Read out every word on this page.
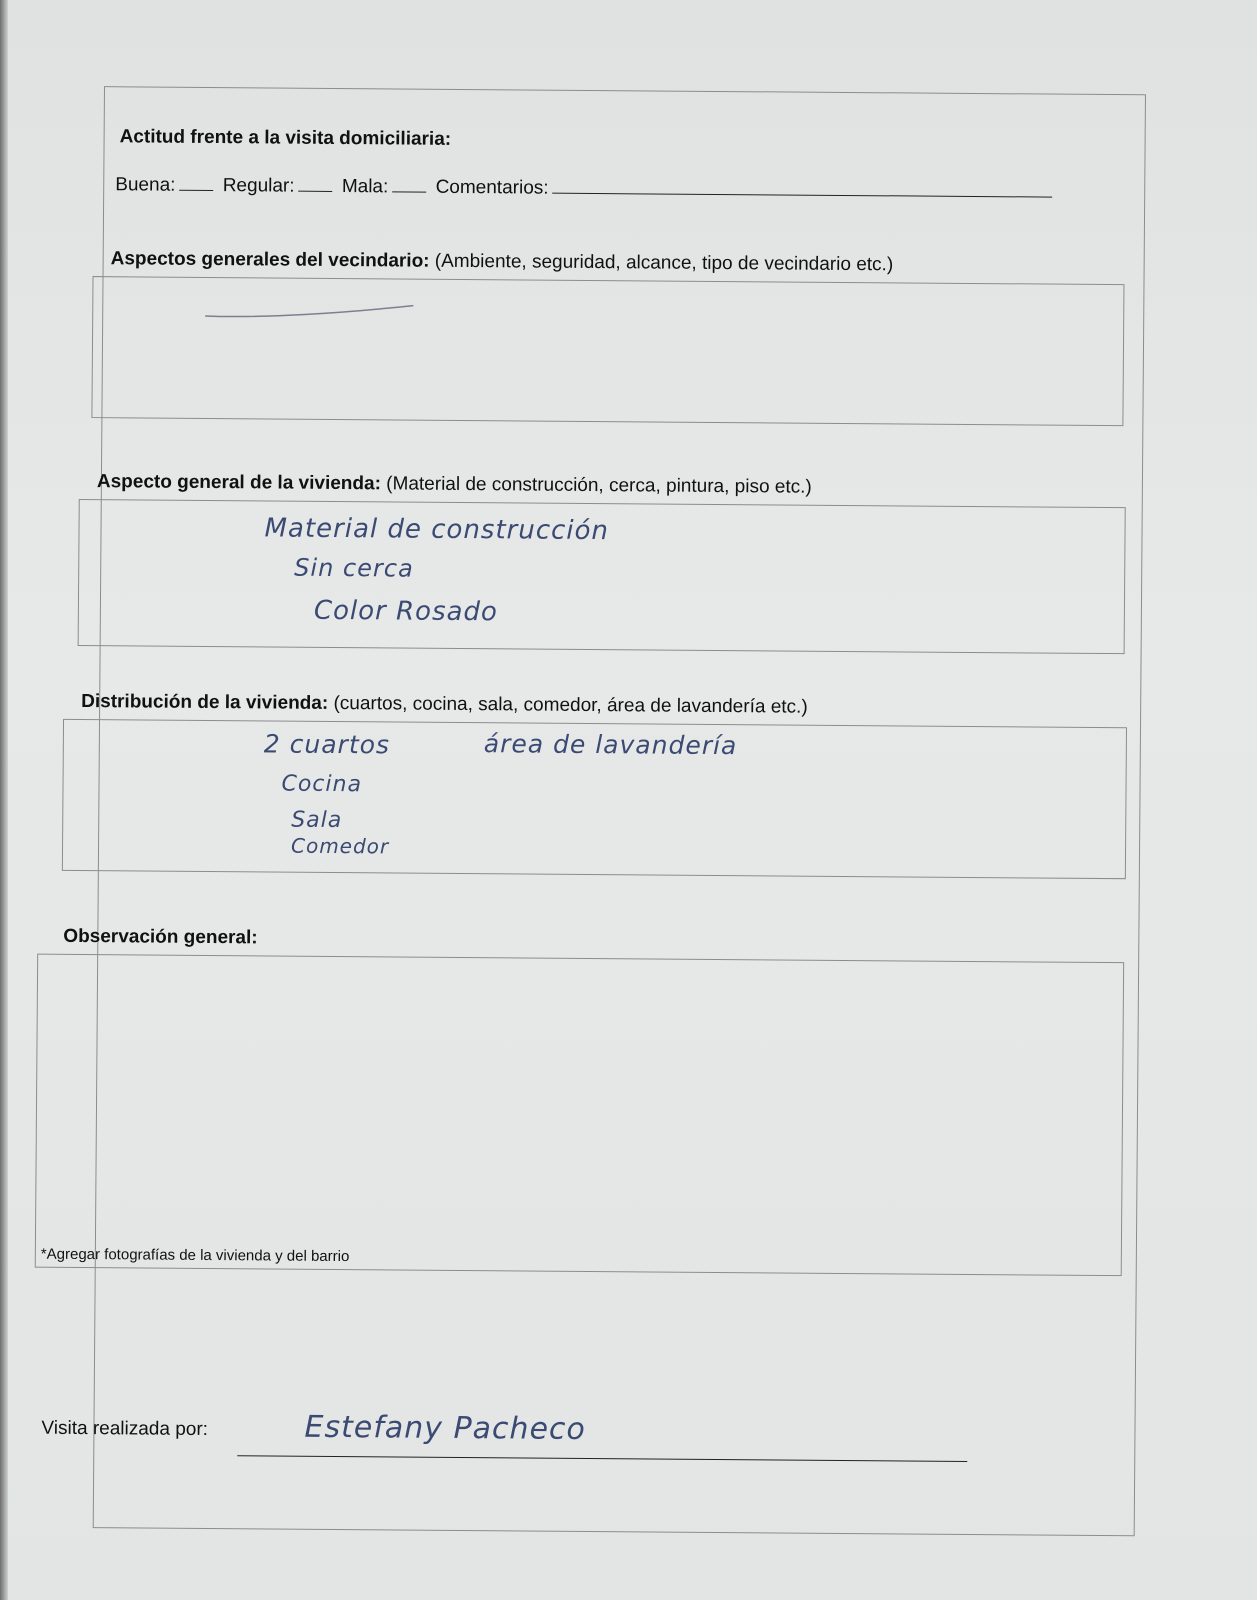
Actitud frente a la visita domiciliaria:
Buena: Regular: Mala: Comentarios:
Aspectos generales del vecindario: (Ambiente, seguridad, alcance, tipo de vecindario etc.)
Aspecto general de la vivienda: (Material de construcción, cerca, pintura, piso etc.)
Material de construcción
Sin cerca
Color Rosado
Distribución de la vivienda: (cuartos, cocina, sala, comedor, área de lavandería etc.)
2 cuartos	área de lavandería
Cocina
Sala
Comedor
Observación general:
*Agregar fotografías de la vivienda y del barrio
Visita realizada por:	Estefany Pacheco
